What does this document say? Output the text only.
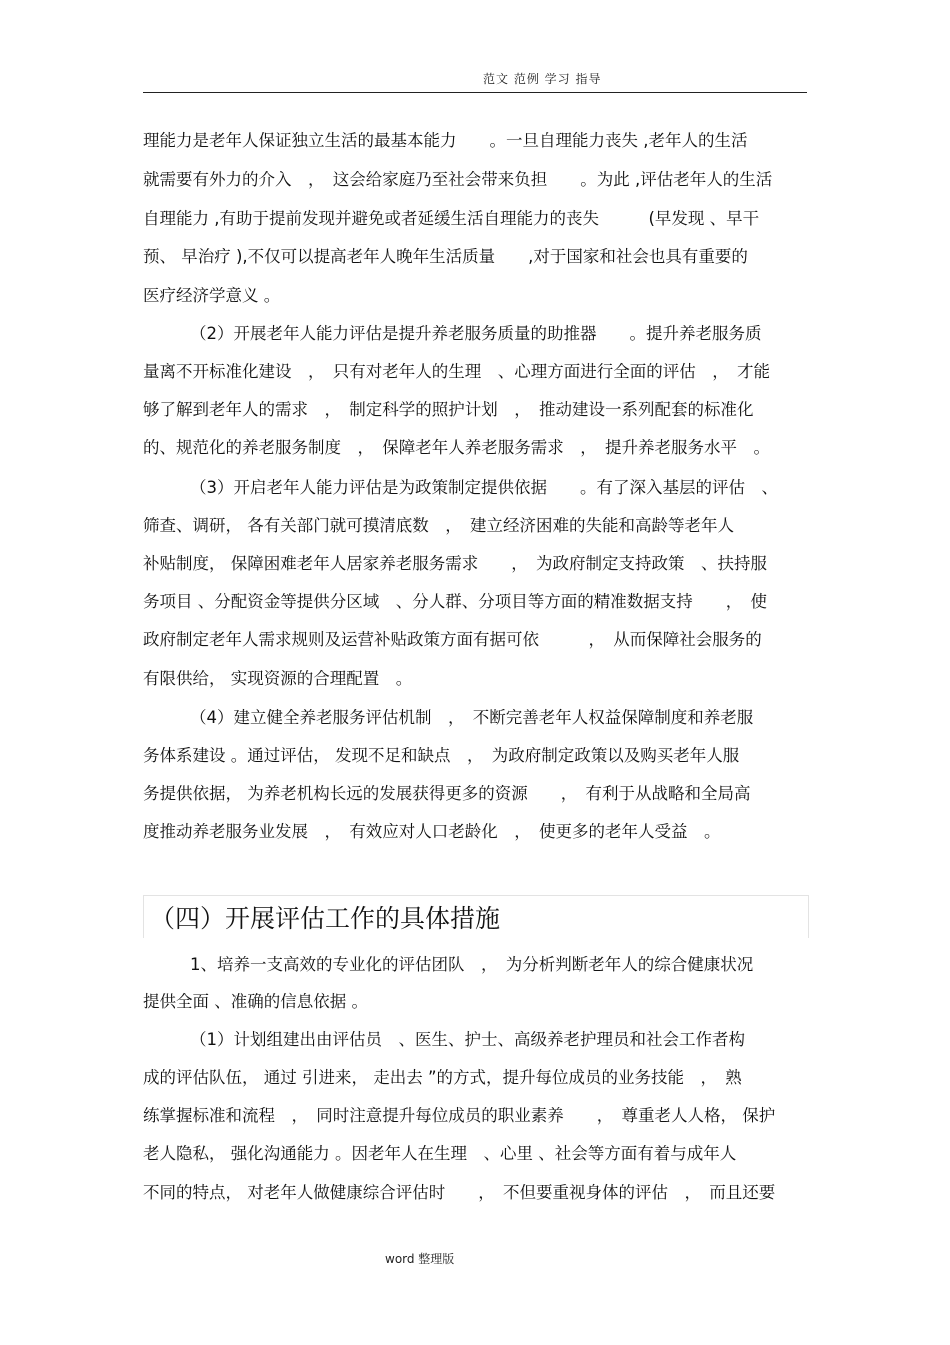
范文 范例 学习 指导
理能力是老年人保证独立生活的最基本能力　　。一旦自理能力丧失 ,老年人的生活
就需要有外力的介入　，　这会给家庭乃至社会带来负担　　。为此 ,评估老年人的生活
自理能力 ,有助于提前发现并避免或者延缓生活自理能力的丧失　　　(早发现 、早干
预、 早治疗 ),不仅可以提高老年人晚年生活质量　　,对于国家和社会也具有重要的
医疗经济学意义 。
（2）开展老年人能力评估是提升养老服务质量的助推器　　。提升养老服务质
量离不开标准化建设　，　只有对老年人的生理　、心理方面进行全面的评估　，　才能
够了解到老年人的需求　，　制定科学的照护计划　，　推动建设一系列配套的标准化
的、规范化的养老服务制度　，　保障老年人养老服务需求　，　提升养老服务水平　。
（3）开启老年人能力评估是为政策制定提供依据　　。有了深入基层的评估　、
筛查、调研， 各有关部门就可摸清底数　，　建立经济困难的失能和高龄等老年人
补贴制度， 保障困难老年人居家养老服务需求　　，　为政府制定支持政策　、扶持服
务项目 、分配资金等提供分区域　、分人群、分项目等方面的精准数据支持　　，　使
政府制定老年人需求规则及运营补贴政策方面有据可依　　　，　从而保障社会服务的
有限供给， 实现资源的合理配置　。
（4）建立健全养老服务评估机制　，　不断完善老年人权益保障制度和养老服
务体系建设 。通过评估， 发现不足和缺点　，　为政府制定政策以及购买老年人服
务提供依据， 为养老机构长远的发展获得更多的资源　　，　有利于从战略和全局高
度推动养老服务业发展　，　有效应对人口老龄化　，　使更多的老年人受益　。
（四）开展评估工作的具体措施
1、培养一支高效的专业化的评估团队　，　为分析判断老年人的综合健康状况
提供全面 、准确的信息依据 。
（1）计划组建出由评估员　、医生、护士、高级养老护理员和社会工作者构
成的评估队伍， 通过 引进来， 走出去 ”的方式，提升每位成员的业务技能　，　熟
练掌握标准和流程　，　同时注意提升每位成员的职业素养　　，　尊重老人人格， 保护
老人隐私， 强化沟通能力 。因老年人在生理　、心里 、社会等方面有着与成年人
不同的特点， 对老年人做健康综合评估时　　，　不但要重视身体的评估　，　而且还要
word 整理版
